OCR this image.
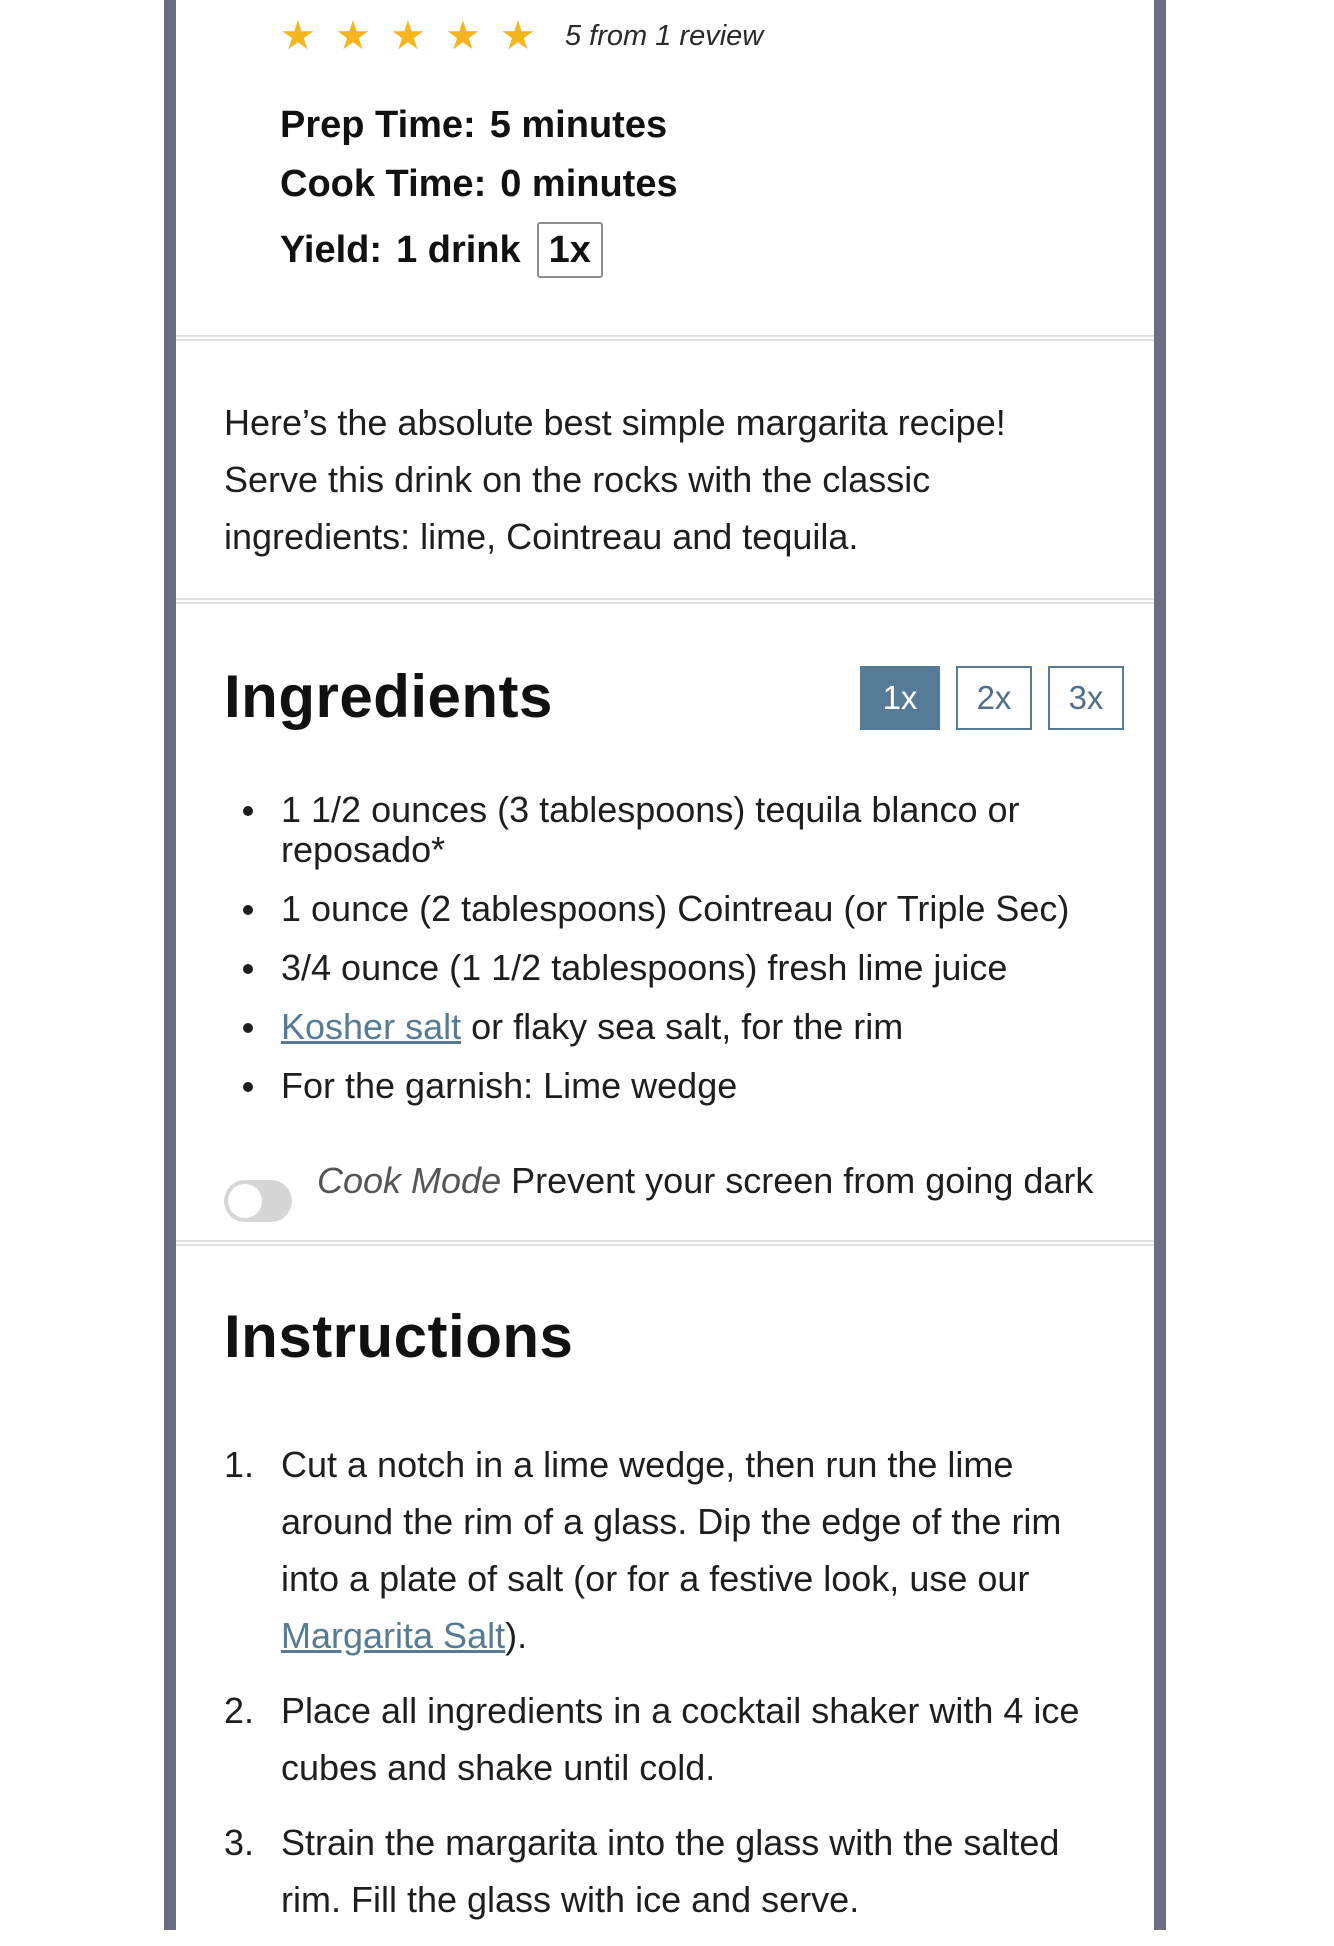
★ ★ ★ ★ ★	5 from 1 review
Prep Time: 5 minutes
Cook Time: 0 minutes
Yield: 1 drink 1x
Here’s the absolute best simple margarita recipe! Serve this drink on the rocks with the classic ingredients: lime, Cointreau and tequila.
Ingredients	1x	2x	3x
1 1/2 ounces (3 tablespoons) tequila blanco or reposado*
1 ounce (2 tablespoons) Cointreau (or Triple Sec)
3/4 ounce (1 1/2 tablespoons) fresh lime juice
Kosher salt or flaky sea salt, for the rim
For the garnish: Lime wedge
Cook Mode Prevent your screen from going dark
Instructions
1. Cut a notch in a lime wedge, then run the lime around the rim of a glass. Dip the edge of the rim into a plate of salt (or for a festive look, use our Margarita Salt).
2. Place all ingredients in a cocktail shaker with 4 ice cubes and shake until cold.
3. Strain the margarita into the glass with the salted rim. Fill the glass with ice and serve.
